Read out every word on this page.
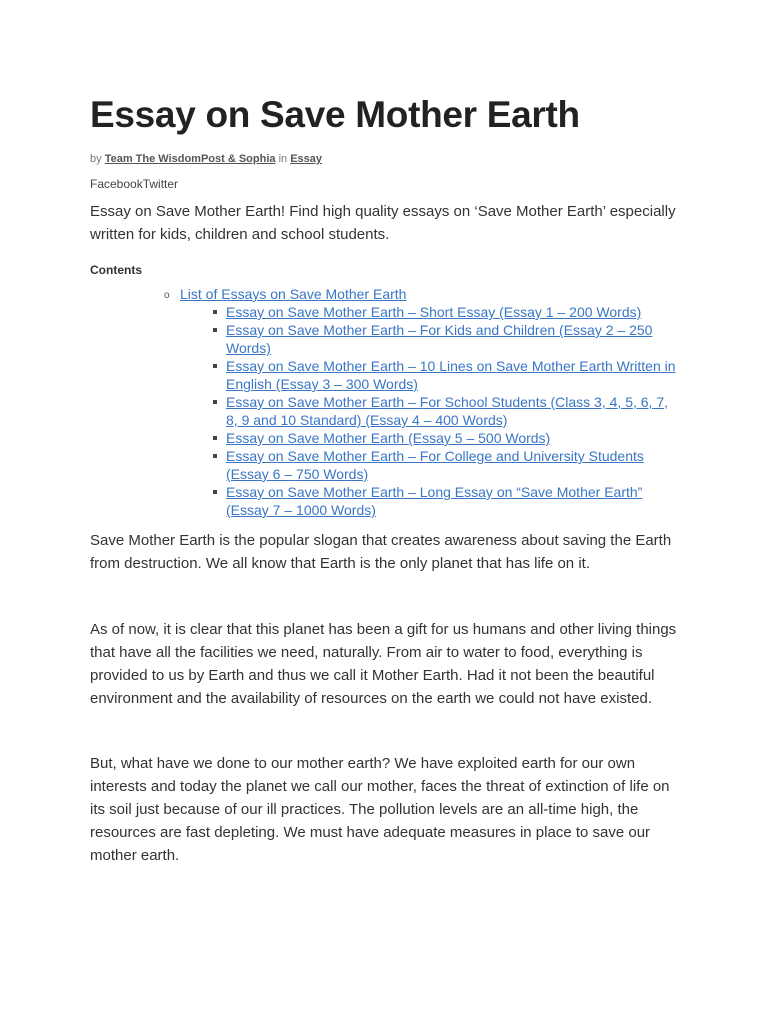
Essay on Save Mother Earth
by Team The WisdomPost & Sophia in Essay
FacebookTwitter

Essay on Save Mother Earth! Find high quality essays on ‘Save Mother Earth’ especially written for kids, children and school students.

Contents
o List of Essays on Save Mother Earth
Essay on Save Mother Earth – Short Essay (Essay 1 – 200 Words)
Essay on Save Mother Earth – For Kids and Children (Essay 2 – 250 Words)
Essay on Save Mother Earth – 10 Lines on Save Mother Earth Written in English (Essay 3 – 300 Words)
Essay on Save Mother Earth – For School Students (Class 3, 4, 5, 6, 7, 8, 9 and 10 Standard) (Essay 4 – 400 Words)
Essay on Save Mother Earth (Essay 5 – 500 Words)
Essay on Save Mother Earth – For College and University Students (Essay 6 – 750 Words)
Essay on Save Mother Earth – Long Essay on “Save Mother Earth” (Essay 7 – 1000 Words)

Save Mother Earth is the popular slogan that creates awareness about saving the Earth from destruction. We all know that Earth is the only planet that has life on it.

As of now, it is clear that this planet has been a gift for us humans and other living things that have all the facilities we need, naturally. From air to water to food, everything is provided to us by Earth and thus we call it Mother Earth. Had it not been the beautiful environment and the availability of resources on the earth we could not have existed.

But, what have we done to our mother earth? We have exploited earth for our own interests and today the planet we call our mother, faces the threat of extinction of life on its soil just because of our ill practices. The pollution levels are an all-time high, the resources are fast depleting. We must have adequate measures in place to save our mother earth.
